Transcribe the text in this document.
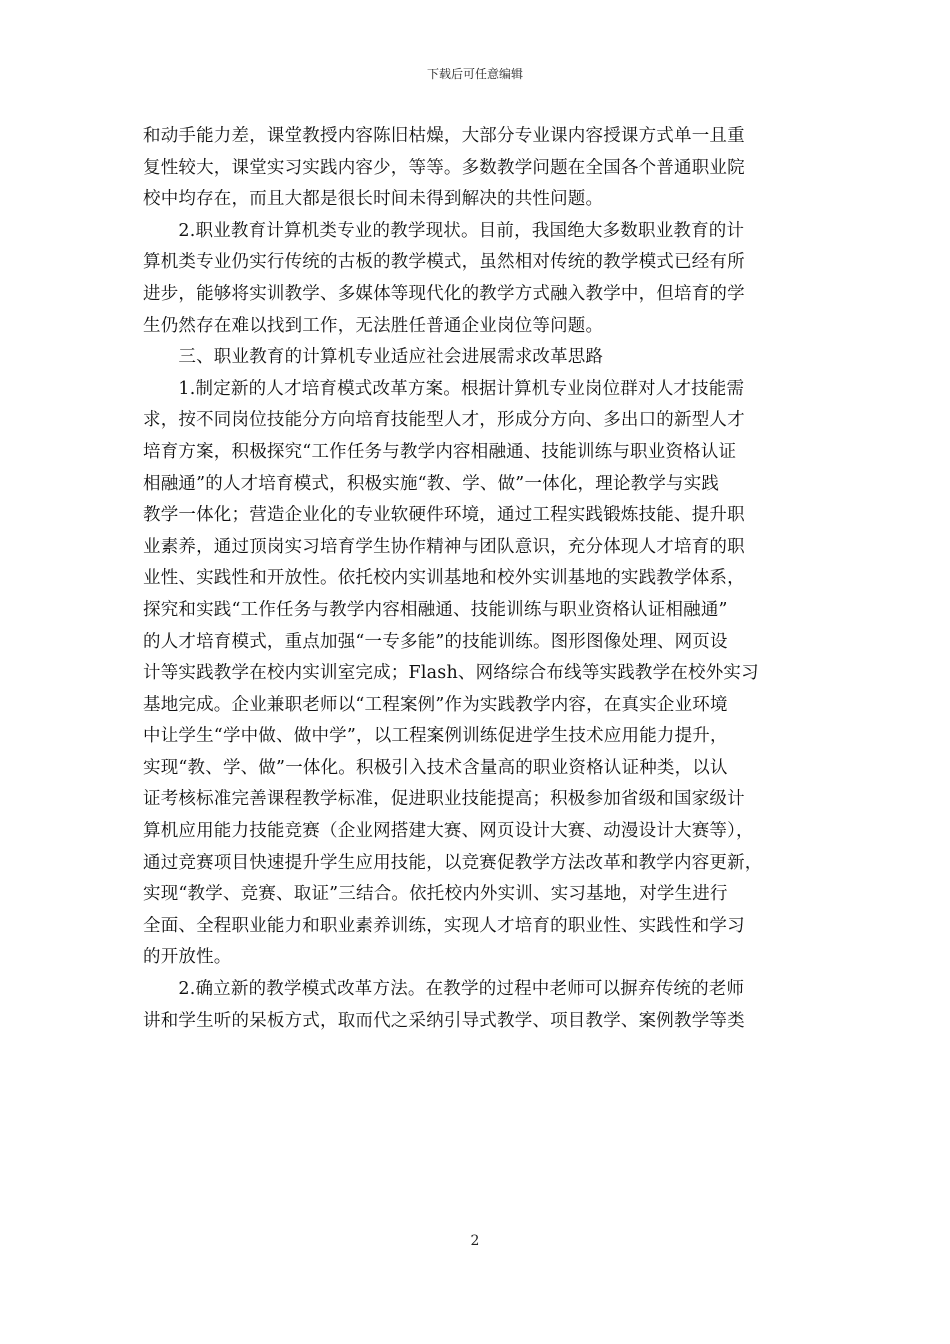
下载后可任意编辑

和动手能力差，课堂教授内容陈旧枯燥，大部分专业课内容授课方式单一且重

复性较大，课堂实习实践内容少，等等。多数教学问题在全国各个普通职业院

校中均存在，而且大都是很长时间未得到解决的共性问题。

　　2.职业教育计算机类专业的教学现状。目前，我国绝大多数职业教育的计

算机类专业仍实行传统的古板的教学模式，虽然相对传统的教学模式已经有所

进步，能够将实训教学、多媒体等现代化的教学方式融入教学中，但培育的学

生仍然存在难以找到工作，无法胜任普通企业岗位等问题。

　　三、职业教育的计算机专业适应社会进展需求改革思路

　　1.制定新的人才培育模式改革方案。根据计算机专业岗位群对人才技能需

求，按不同岗位技能分方向培育技能型人才，形成分方向、多出口的新型人才

培育方案，积极探究“工作任务与教学内容相融通、技能训练与职业资格认证

相融通”的人才培育模式，积极实施“教、学、做”一体化，理论教学与实践

教学一体化；营造企业化的专业软硬件环境，通过工程实践锻炼技能、提升职

业素养，通过顶岗实习培育学生协作精神与团队意识，充分体现人才培育的职

业性、实践性和开放性。依托校内实训基地和校外实训基地的实践教学体系，

探究和实践“工作任务与教学内容相融通、技能训练与职业资格认证相融通”

的人才培育模式，重点加强“一专多能”的技能训练。图形图像处理、网页设

计等实践教学在校内实训室完成；Flash、网络综合布线等实践教学在校外实习

基地完成。企业兼职老师以“工程案例”作为实践教学内容，在真实企业环境

中让学生“学中做、做中学”，以工程案例训练促进学生技术应用能力提升，

实现“教、学、做”一体化。积极引入技术含量高的职业资格认证种类，以认

证考核标准完善课程教学标准，促进职业技能提高；积极参加省级和国家级计

算机应用能力技能竞赛（企业网搭建大赛、网页设计大赛、动漫设计大赛等），

通过竞赛项目快速提升学生应用技能，以竞赛促教学方法改革和教学内容更新，

实现“教学、竞赛、取证”三结合。依托校内外实训、实习基地，对学生进行

全面、全程职业能力和职业素养训练，实现人才培育的职业性、实践性和学习

的开放性。

　　2.确立新的教学模式改革方法。在教学的过程中老师可以摒弃传统的老师

讲和学生听的呆板方式，取而代之采纳引导式教学、项目教学、案例教学等类

2
